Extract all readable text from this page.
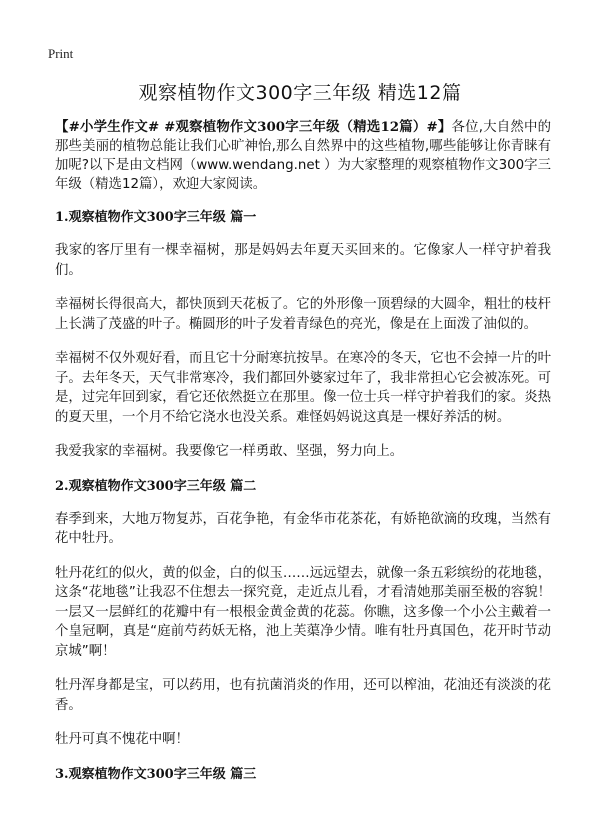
Print
观察植物作文300字三年级 精选12篇

【#小学生作文# #观察植物作文300字三年级（精选12篇）#】各位,大自然中的那些美丽的植物总能让我们心旷神怡,那么自然界中的这些植物,哪些能够让你青睐有加呢?以下是由文档网（www.wendang.net ）为大家整理的观察植物作文300字三年级（精选12篇），欢迎大家阅读。

1.观察植物作文300字三年级 篇一

我家的客厅里有一棵幸福树，那是妈妈去年夏天买回来的。它像家人一样守护着我们。

幸福树长得很高大，都快顶到天花板了。它的外形像一顶碧绿的大圆伞，粗壮的枝杆上长满了茂盛的叶子。椭圆形的叶子发着青绿色的亮光，像是在上面泼了油似的。

幸福树不仅外观好看，而且它十分耐寒抗按旱。在寒冷的冬天，它也不会掉一片的叶子。去年冬天，天气非常寒冷，我们都回外婆家过年了，我非常担心它会被冻死。可是，过完年回到家，看它还依然挺立在那里。像一位士兵一样守护着我们的家。炎热的夏天里，一个月不给它浇水也没关系。难怪妈妈说这真是一棵好养活的树。

我爱我家的幸福树。我要像它一样勇敢、坚强，努力向上。

2.观察植物作文300字三年级 篇二

春季到来，大地万物复苏，百花争艳，有金华市花茶花，有娇艳欲滴的玫瑰，当然有花中牡丹。

牡丹花红的似火，黄的似金，白的似玉……远远望去，就像一条五彩缤纷的花地毯，这条“花地毯”让我忍不住想去一探究竟，走近点儿看，才看清她那美丽至极的容貌！一层又一层鲜红的花瓣中有一根根金黄金黄的花蕊。你瞧，这多像一个小公主戴着一个皇冠啊，真是“庭前芍药妖无格，池上芙蕖净少情。唯有牡丹真国色，花开时节动京城”啊！

牡丹浑身都是宝，可以药用，也有抗菌消炎的作用，还可以榨油，花油还有淡淡的花香。

牡丹可真不愧花中啊！

3.观察植物作文300字三年级 篇三
